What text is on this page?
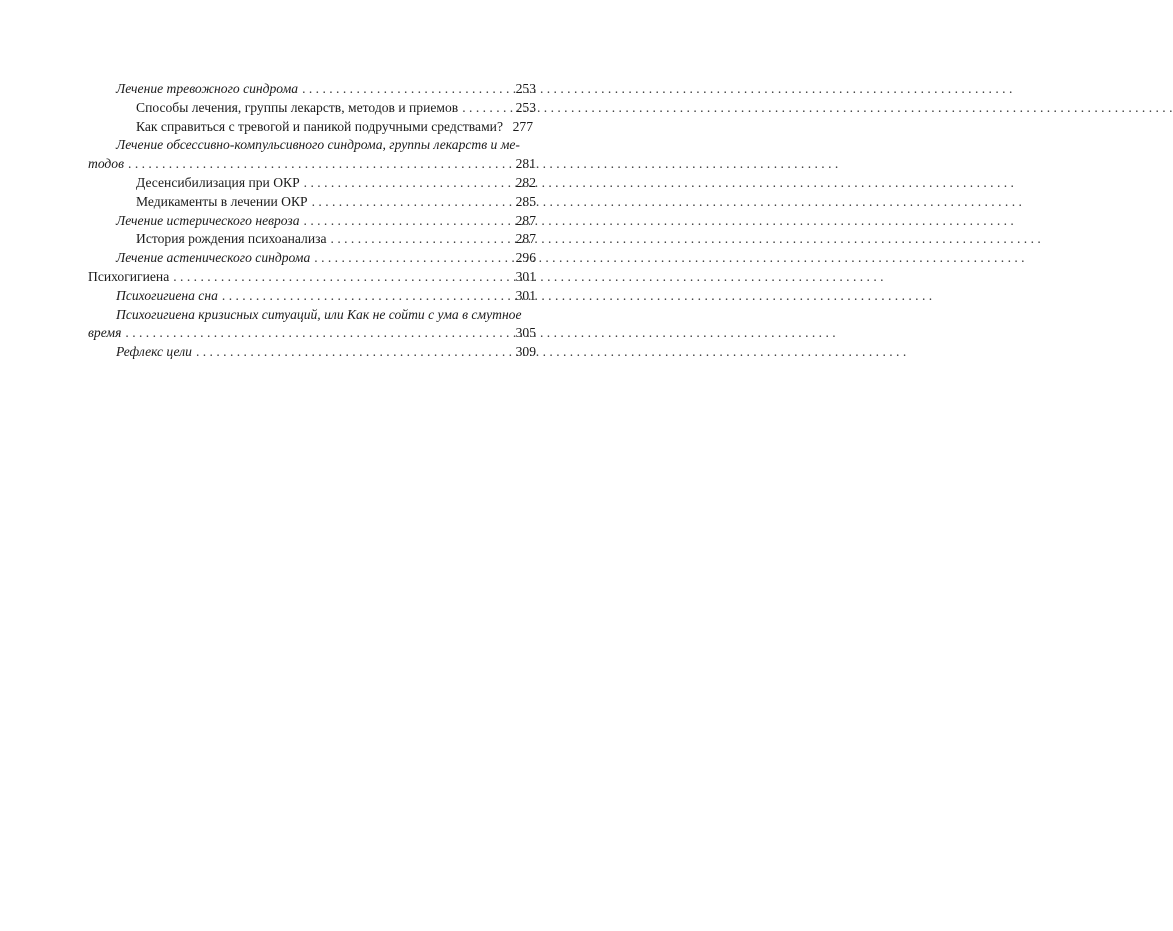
Лечение тревожного синдрома . . .	253
Способы лечения, группы лекарств, методов и приемов . . .	253
Как справиться с тревогой и паникой подручными средствами? 277
Лечение обсессивно-компульсивного синдрома, группы лекарств и ме-
тодов . . .	281
Десенсибилизация при ОКР . . .	282
Медикаменты в лечении ОКР . . .	285
Лечение истерического невроза . . .	287
История рождения психоанализа . . .	287
Лечение астенического синдрома . . .	296
Психогигиена . . .	301
Психогигиена сна . . .	301
Психогигиена кризисных ситуаций, или Как не сойти с ума в смутное
время . . .	305
Рефлекс цели . . .	309
